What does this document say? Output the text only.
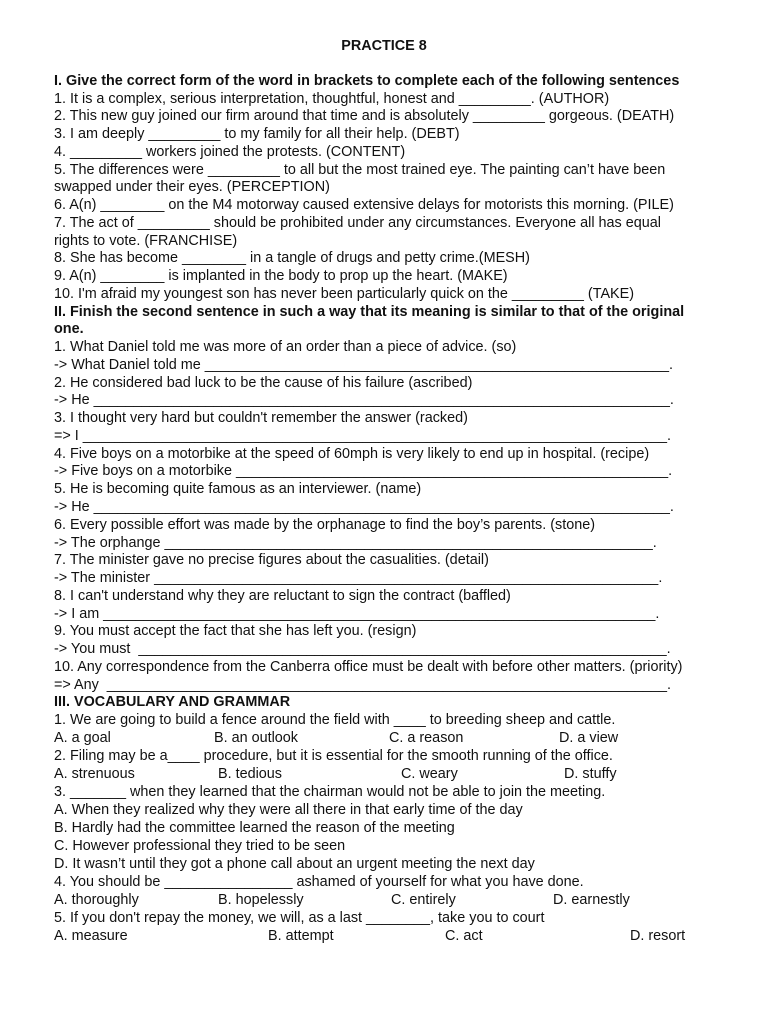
PRACTICE 8
I. Give the correct form of the word in brackets to complete each of the following sentences
1. It is a complex, serious interpretation, thoughtful, honest and _________. (AUTHOR)
2. This new guy joined our firm around that time and is absolutely _________ gorgeous. (DEATH)
3. I am deeply _________ to my family for all their help. (DEBT)
4. _________ workers joined the protests. (CONTENT)
5. The differences were _________ to all but the most trained eye. The painting can’t have been
swapped under their eyes. (PERCEPTION)
6. A(n) ________ on the M4 motorway caused extensive delays for motorists this morning. (PILE)
7. The act of _________ should be prohibited under any circumstances. Everyone all has equal
rights to vote. (FRANCHISE)
8. She has become ________ in a tangle of drugs and petty crime.(MESH)
9. A(n) ________ is implanted in the body to prop up the heart. (MAKE)
10. I'm afraid my youngest son has never been particularly quick on the _________ (TAKE)
II. Finish the second sentence in such a way that its meaning is similar to that of the original
one.
1. What Daniel told me was more of an order than a piece of advice. (so)
-> What Daniel told me __________________________________________________________.
2. He considered bad luck to be the cause of his failure (ascribed)
-> He ________________________________________________________________________.
3. I thought very hard but couldn't remember the answer (racked)
=> I _________________________________________________________________________.
4. Five boys on a motorbike at the speed of 60mph is very likely to end up in hospital. (recipe)
-> Five boys on a motorbike ______________________________________________________.
5. He is becoming quite famous as an interviewer. (name)
-> He ________________________________________________________________________.
6. Every possible effort was made by the orphanage to find the boy’s parents. (stone)
-> The orphange _____________________________________________________________.
7. The minister gave no precise figures about the casualities. (detail)
-> The minister _______________________________________________________________.
8. I can't understand why they are reluctant to sign the contract (baffled)
-> I am _____________________________________________________________________.
9. You must accept the fact that she has left you. (resign)
-> You must  __________________________________________________________________.
10. Any correspondence from the Canberra office must be dealt with before other matters. (priority)
=> Any  ______________________________________________________________________.
III. VOCABULARY AND GRAMMAR
1. We are going to build a fence around the field with ____ to breeding sheep and cattle.
A. a goal	B. an outlook	C. a reason	D. a view
2. Filing may be a____ procedure, but it is essential for the smooth running of the office.
A. strenuous	B. tedious	C. weary	D. stuffy
3. _______ when they learned that the chairman would not be able to join the meeting.
A. When they realized why they were all there in that early time of the day
B. Hardly had the committee learned the reason of the meeting
C. However professional they tried to be seen
D. It wasn’t until they got a phone call about an urgent meeting the next day
4. You should be ________________ ashamed of yourself for what you have done.
A. thoroughly	B. hopelessly	C. entirely	D. earnestly
5. If you don't repay the money, we will, as a last ________, take you to court
A. measure	B. attempt	C. act	D. resort
